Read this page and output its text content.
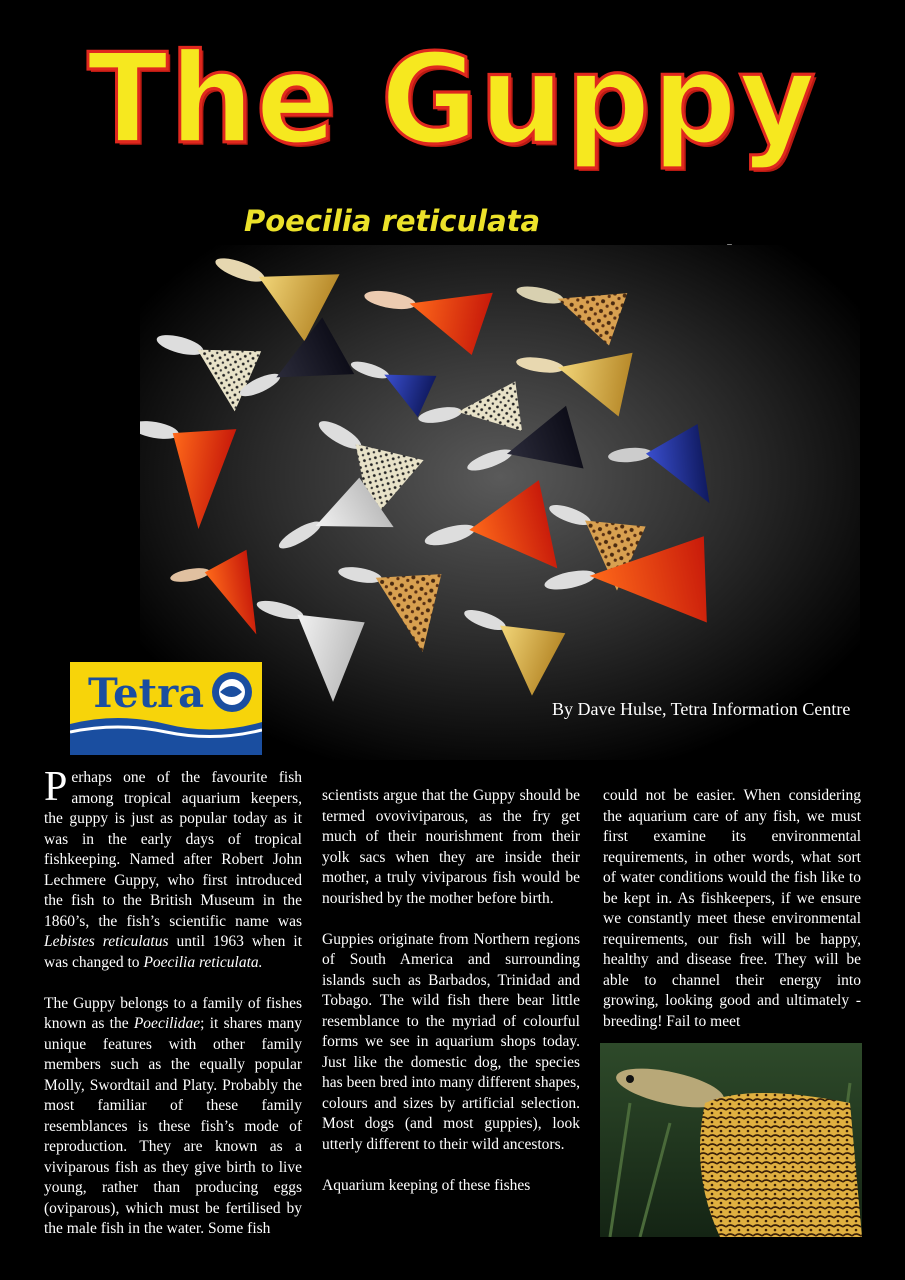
The Guppy
Poecilia reticulata
Tetra	By Dave Hulse, Tetra Information Centre

Perhaps one of the favourite fish among tropical aquarium keepers, the guppy is just as popular today as it was in the early days of tropical fishkeeping. Named after Robert John Lechmere Guppy, who first introduced the fish to the British Museum in the 1860’s, the fish’s scientific name was Lebistes reticulatus until 1963 when it was changed to Poecilia reticulata.

The Guppy belongs to a family of fishes known as the Poecilidae; it shares many unique features with other family members such as the equally popular Molly, Swordtail and Platy. Probably the most familiar of these family resemblances is these fish’s mode of reproduction. They are known as a viviparous fish as they give birth to live young, rather than producing eggs (oviparous), which must be fertilised by the male fish in the water. Some fish

scientists argue that the Guppy should be termed ovoviviparous, as the fry get much of their nourishment from their yolk sacs when they are inside their mother, a truly viviparous fish would be nourished by the mother before birth.

Guppies originate from Northern regions of South America and surrounding islands such as Barbados, Trinidad and Tobago. The wild fish there bear little resemblance to the myriad of colourful forms we see in aquarium shops today. Just like the domestic dog, the species has been bred into many different shapes, colours and sizes by artificial selection. Most dogs (and most guppies), look utterly different to their wild ancestors.

Aquarium keeping of these fishes

could not be easier. When considering the aquarium care of any fish, we must first examine its environmental requirements, in other words, what sort of water conditions would the fish like to be kept in. As fishkeepers, if we ensure we constantly meet these environmental requirements, our fish will be happy, healthy and disease free. They will be able to channel their energy into growing, looking good and ultimately - breeding! Fail to meet
